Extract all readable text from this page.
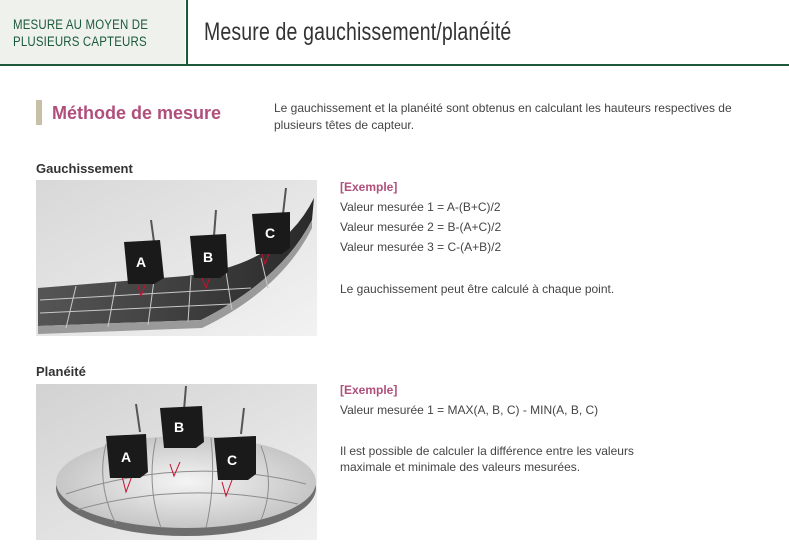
MESURE AU MOYEN DE
PLUSIEURS CAPTEURS	Mesure de gauchissement/planéité
Méthode de mesure	Le gauchissement et la planéité sont obtenus en calculant les hauteurs respectives de plusieurs têtes de capteur.
Gauchissement
A	B
C
[Exemple]
Valeur mesurée 1 = A-(B+C)/2
Valeur mesurée 2 = B-(A+C)/2
Valeur mesurée 3 = C-(A+B)/2
Le gauchissement peut être calculé à chaque point.
Planéité
A
B
C
[Exemple]
Valeur mesurée 1 = MAX(A, B, C) - MIN(A, B, C)
Il est possible de calculer la différence entre les valeurs
maximale et minimale des valeurs mesurées.
